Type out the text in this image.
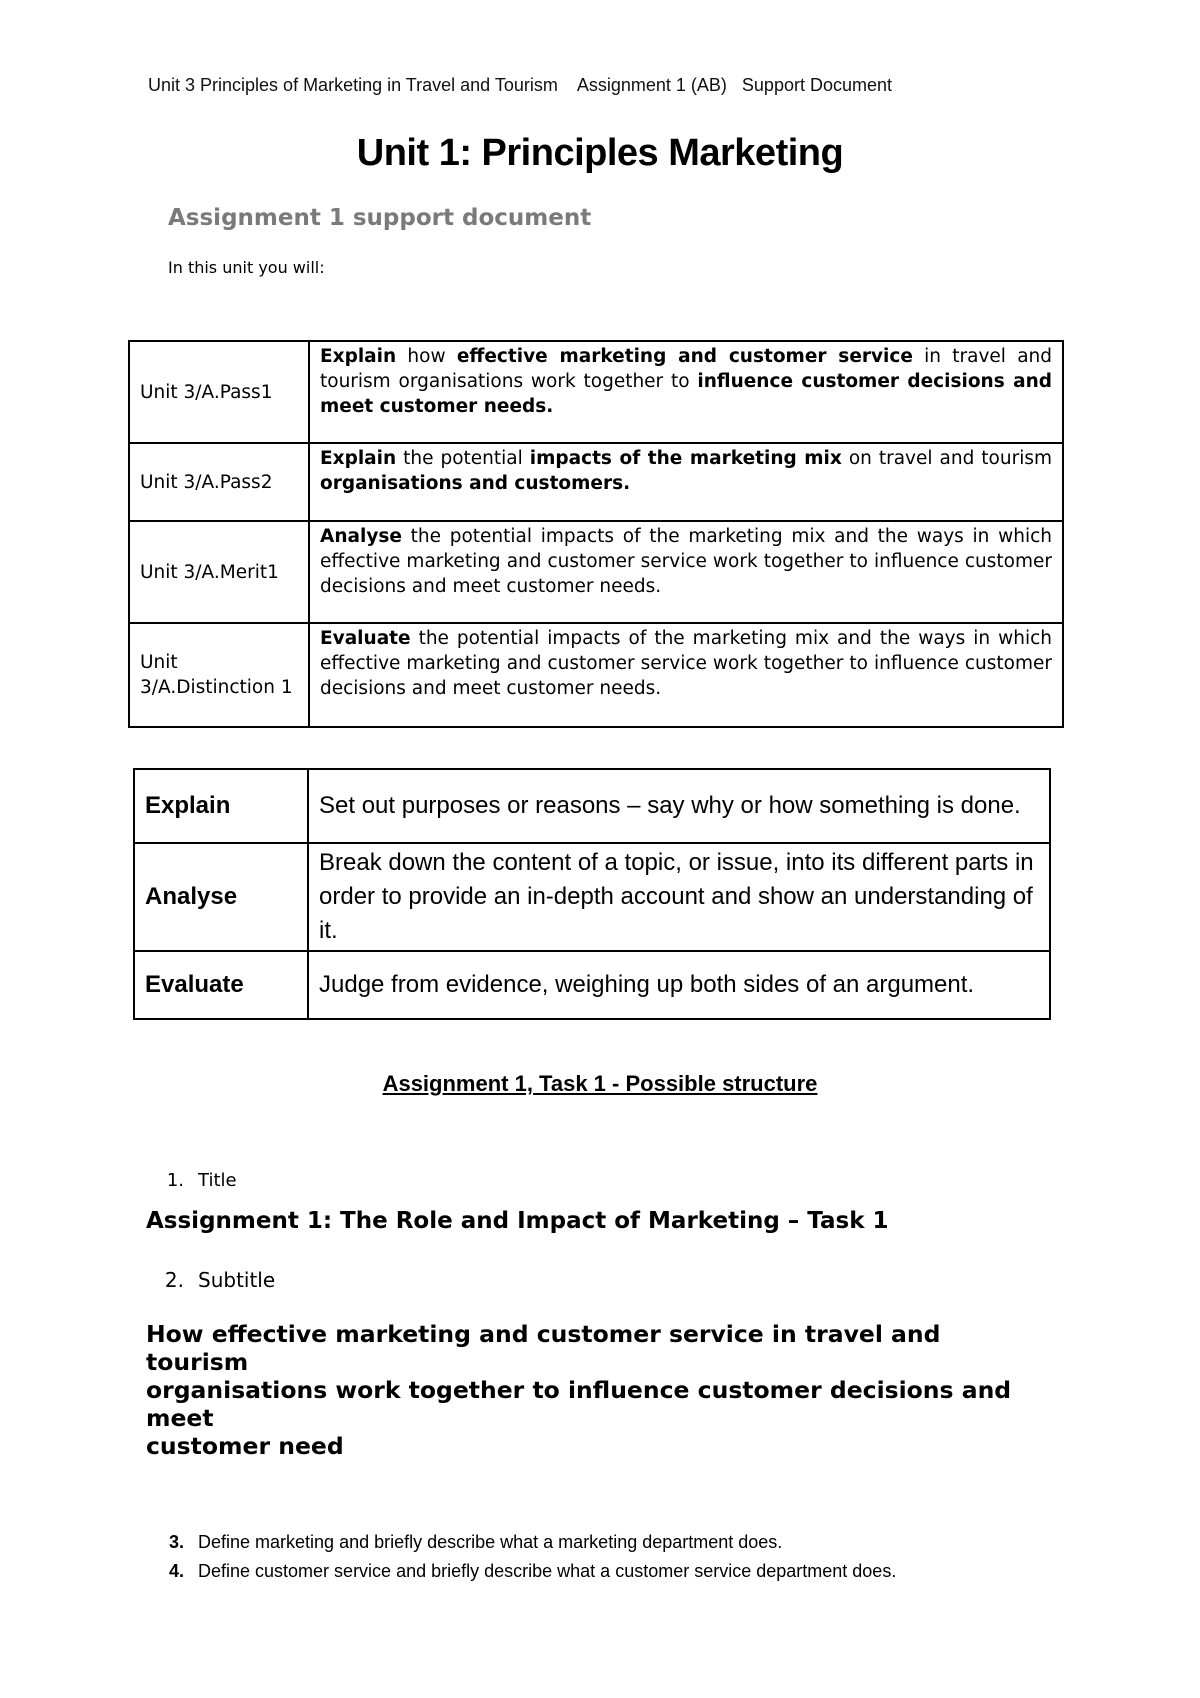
Unit 3 Principles of Marketing in Travel and Tourism    Assignment 1 (AB)   Support Document
Unit 1: Principles Marketing
Assignment 1 support document
In this unit you will:
Unit 3/A.Pass1	Explain how effective marketing and customer service in travel and tourism organisations work together to influence customer decisions and meet customer needs.
Unit 3/A.Pass2	Explain the potential impacts of the marketing mix on travel and tourism organisations and customers.
Unit 3/A.Merit1	Analyse the potential impacts of the marketing mix and the ways in which effective marketing and customer service work together to influence customer decisions and meet customer needs.
Unit 3/A.Distinction 1	Evaluate the potential impacts of the marketing mix and the ways in which effective marketing and customer service work together to influence customer decisions and meet customer needs.
Explain	Set out purposes or reasons – say why or how something is done.
Analyse	Break down the content of a topic, or issue, into its different parts in order to provide an in-depth account and show an understanding of it.
Evaluate	Judge from evidence, weighing up both sides of an argument.
Assignment 1, Task 1 - Possible structure
1. Title
Assignment 1: The Role and Impact of Marketing – Task 1
2. Subtitle
How effective marketing and customer service in travel and
tourism
organisations work together to influence customer decisions and
meet
customer need
3. Define marketing and briefly describe what a marketing department does.
4. Define customer service and briefly describe what a customer service department does.
